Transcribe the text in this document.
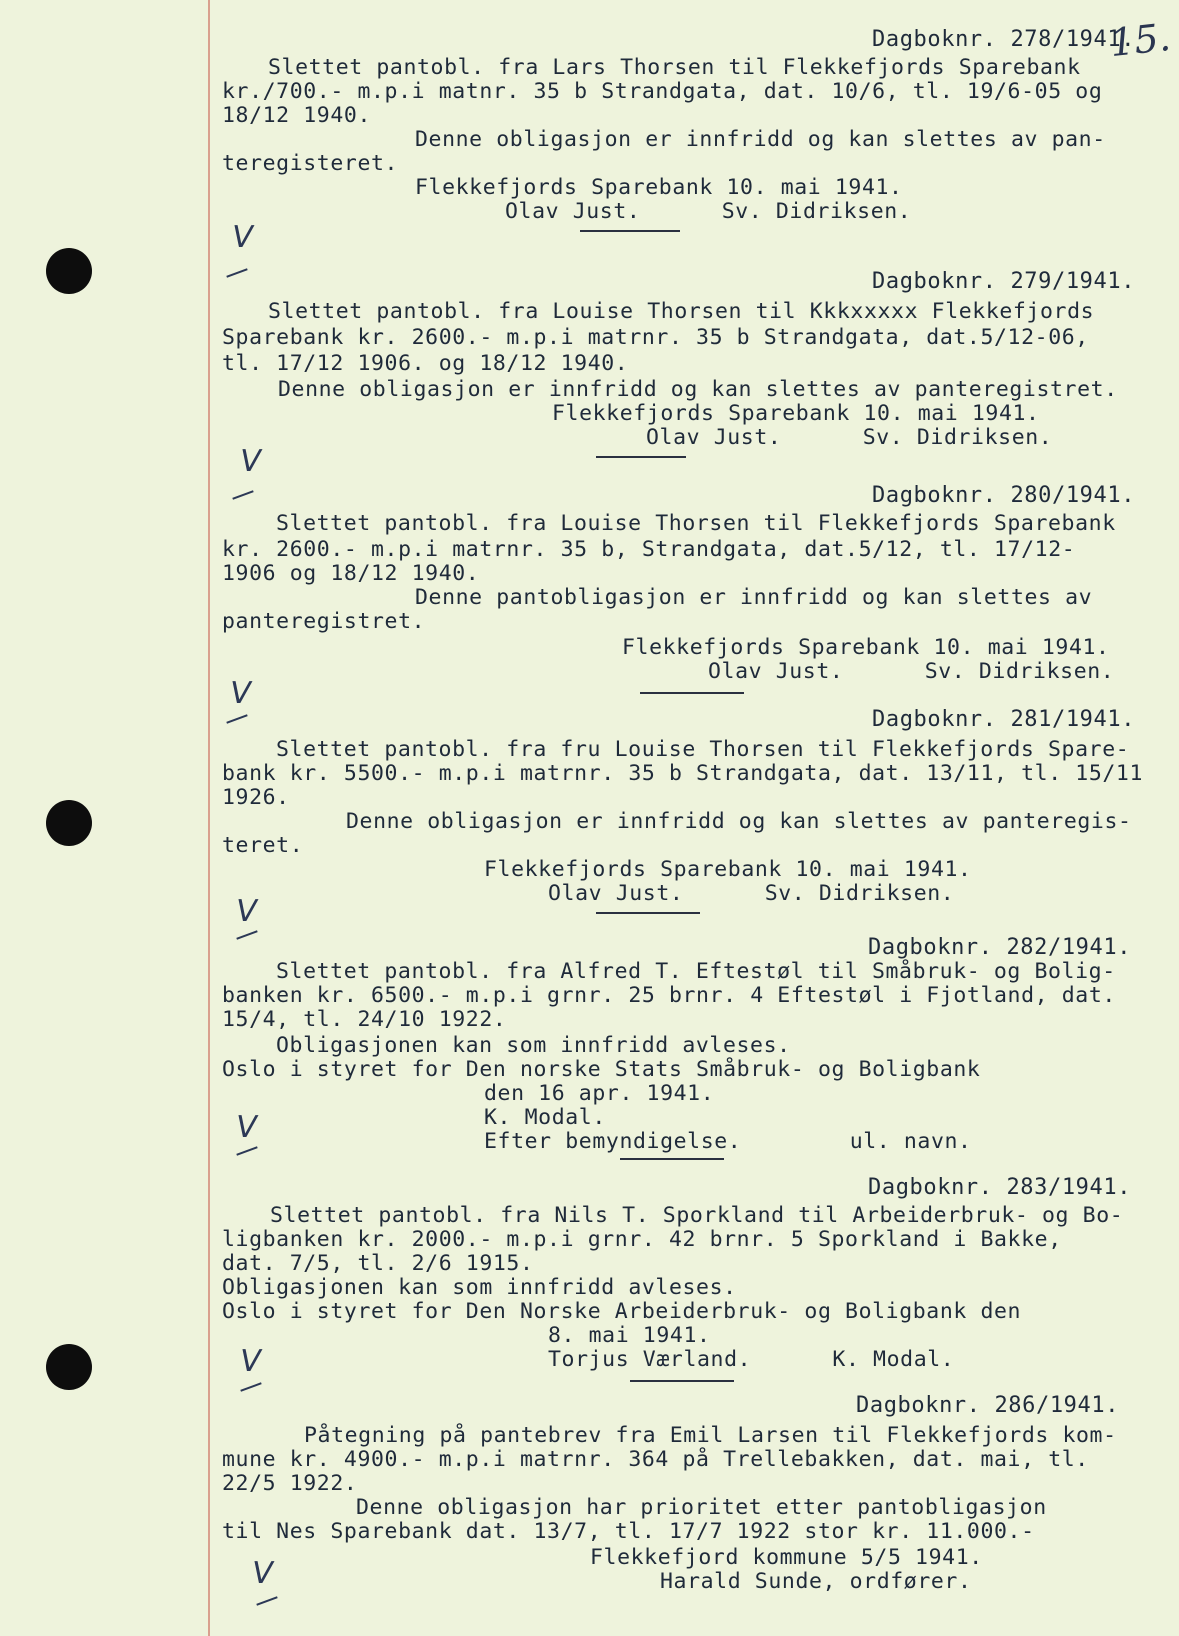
15.
Dagboknr. 278/1941.
Slettet pantobl. fra Lars Thorsen til Flekkefjords Sparebank
kr./700.- m.p.i matnr. 35 b Strandgata, dat. 10/6, tl. 19/6-05 og
18/12 1940.
Denne obligasjon er innfridd og kan slettes av pan-
teregisteret.
Flekkefjords Sparebank 10. mai 1941.
Olav Just.      Sv. Didriksen.
V
Dagboknr. 279/1941.
Slettet pantobl. fra Louise Thorsen til Kkkxxxxx Flekkefjords
Sparebank kr. 2600.- m.p.i matrnr. 35 b Strandgata, dat.5/12-06,
tl. 17/12 1906. og 18/12 1940.
Denne obligasjon er innfridd og kan slettes av panteregistret.
Flekkefjords Sparebank 10. mai 1941.
Olav Just.      Sv. Didriksen.
V
Dagboknr. 280/1941.
Slettet pantobl. fra Louise Thorsen til Flekkefjords Sparebank
kr. 2600.- m.p.i matrnr. 35 b, Strandgata, dat.5/12, tl. 17/12-
1906 og 18/12 1940.
Denne pantobligasjon er innfridd og kan slettes av
panteregistret.
Flekkefjords Sparebank 10. mai 1941.
Olav Just.      Sv. Didriksen.
V
Dagboknr. 281/1941.
Slettet pantobl. fra fru Louise Thorsen til Flekkefjords Spare-
bank kr. 5500.- m.p.i matrnr. 35 b Strandgata, dat. 13/11, tl. 15/11
1926.
Denne obligasjon er innfridd og kan slettes av panteregis-
teret.
Flekkefjords Sparebank 10. mai 1941.
Olav Just.      Sv. Didriksen.
V
Dagboknr. 282/1941.
Slettet pantobl. fra Alfred T. Eftestøl til Småbruk- og Bolig-
banken kr. 6500.- m.p.i grnr. 25 brnr. 4 Eftestøl i Fjotland, dat.
15/4, tl. 24/10 1922.
Obligasjonen kan som innfridd avleses.
Oslo i styret for Den norske Stats Småbruk- og Boligbank
den 16 apr. 1941.
K. Modal.
Efter bemyndigelse.        ul. navn.
V
Dagboknr. 283/1941.
Slettet pantobl. fra Nils T. Sporkland til Arbeiderbruk- og Bo-
ligbanken kr. 2000.- m.p.i grnr. 42 brnr. 5 Sporkland i Bakke,
dat. 7/5, tl. 2/6 1915.
Obligasjonen kan som innfridd avleses.
Oslo i styret for Den Norske Arbeiderbruk- og Boligbank den
8. mai 1941.
Torjus Værland.      K. Modal.
V
Dagboknr. 286/1941.
Påtegning på pantebrev fra Emil Larsen til Flekkefjords kom-
mune kr. 4900.- m.p.i matrnr. 364 på Trellebakken, dat. mai, tl.
22/5 1922.
Denne obligasjon har prioritet etter pantobligasjon
til Nes Sparebank dat. 13/7, tl. 17/7 1922 stor kr. 11.000.-
Flekkefjord kommune 5/5 1941.
Harald Sunde, ordfører.
V
